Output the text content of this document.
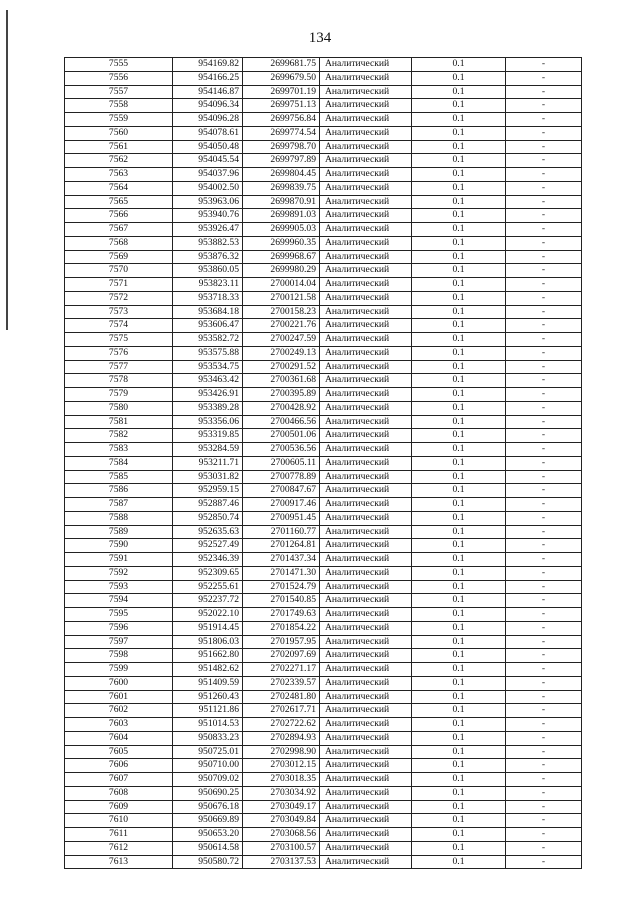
134
7555	954169.82	2699681.75	Аналитический	0.1	-
7556	954166.25	2699679.50	Аналитический	0.1	-
7557	954146.87	2699701.19	Аналитический	0.1	-
7558	954096.34	2699751.13	Аналитический	0.1	-
7559	954096.28	2699756.84	Аналитический	0.1	-
7560	954078.61	2699774.54	Аналитический	0.1	-
7561	954050.48	2699798.70	Аналитический	0.1	-
7562	954045.54	2699797.89	Аналитический	0.1	-
7563	954037.96	2699804.45	Аналитический	0.1	-
7564	954002.50	2699839.75	Аналитический	0.1	-
7565	953963.06	2699870.91	Аналитический	0.1	-
7566	953940.76	2699891.03	Аналитический	0.1	-
7567	953926.47	2699905.03	Аналитический	0.1	-
7568	953882.53	2699960.35	Аналитический	0.1	-
7569	953876.32	2699968.67	Аналитический	0.1	-
7570	953860.05	2699980.29	Аналитический	0.1	-
7571	953823.11	2700014.04	Аналитический	0.1	-
7572	953718.33	2700121.58	Аналитический	0.1	-
7573	953684.18	2700158.23	Аналитический	0.1	-
7574	953606.47	2700221.76	Аналитический	0.1	-
7575	953582.72	2700247.59	Аналитический	0.1	-
7576	953575.88	2700249.13	Аналитический	0.1	-
7577	953534.75	2700291.52	Аналитический	0.1	-
7578	953463.42	2700361.68	Аналитический	0.1	-
7579	953426.91	2700395.89	Аналитический	0.1	-
7580	953389.28	2700428.92	Аналитический	0.1	-
7581	953356.06	2700466.56	Аналитический	0.1	-
7582	953319.85	2700501.06	Аналитический	0.1	-
7583	953284.59	2700536.56	Аналитический	0.1	-
7584	953211.71	2700605.11	Аналитический	0.1	-
7585	953031.82	2700778.89	Аналитический	0.1	-
7586	952959.15	2700847.67	Аналитический	0.1	-
7587	952887.46	2700917.46	Аналитический	0.1	-
7588	952850.74	2700951.45	Аналитический	0.1	-
7589	952635.63	2701160.77	Аналитический	0.1	-
7590	952527.49	2701264.81	Аналитический	0.1	-
7591	952346.39	2701437.34	Аналитический	0.1	-
7592	952309.65	2701471.30	Аналитический	0.1	-
7593	952255.61	2701524.79	Аналитический	0.1	-
7594	952237.72	2701540.85	Аналитический	0.1	-
7595	952022.10	2701749.63	Аналитический	0.1	-
7596	951914.45	2701854.22	Аналитический	0.1	-
7597	951806.03	2701957.95	Аналитический	0.1	-
7598	951662.80	2702097.69	Аналитический	0.1	-
7599	951482.62	2702271.17	Аналитический	0.1	-
7600	951409.59	2702339.57	Аналитический	0.1	-
7601	951260.43	2702481.80	Аналитический	0.1	-
7602	951121.86	2702617.71	Аналитический	0.1	-
7603	951014.53	2702722.62	Аналитический	0.1	-
7604	950833.23	2702894.93	Аналитический	0.1	-
7605	950725.01	2702998.90	Аналитический	0.1	-
7606	950710.00	2703012.15	Аналитический	0.1	-
7607	950709.02	2703018.35	Аналитический	0.1	-
7608	950690.25	2703034.92	Аналитический	0.1	-
7609	950676.18	2703049.17	Аналитический	0.1	-
7610	950669.89	2703049.84	Аналитический	0.1	-
7611	950653.20	2703068.56	Аналитический	0.1	-
7612	950614.58	2703100.57	Аналитический	0.1	-
7613	950580.72	2703137.53	Аналитический	0.1	-
